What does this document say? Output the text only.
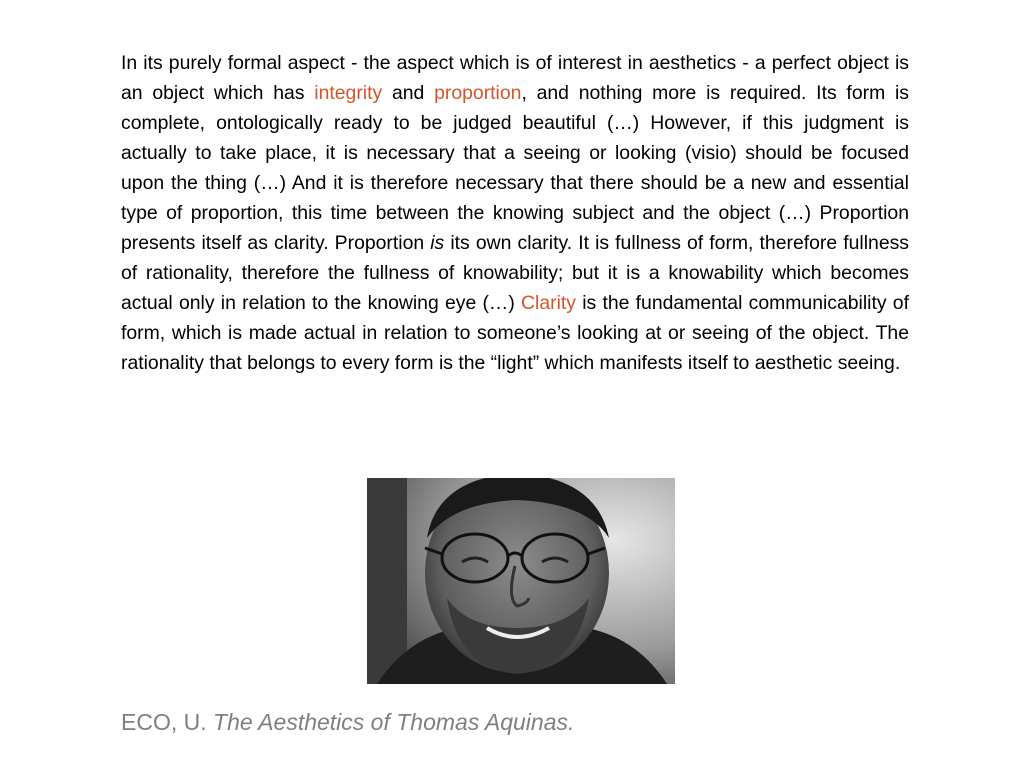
In its purely formal aspect - the aspect which is of interest in aesthetics - a perfect object is an object which has integrity and proportion, and nothing more is required. Its form is complete, ontologically ready to be judged beautiful (…) However, if this judgment is actually to take place, it is necessary that a seeing or looking (visio) should be focused upon the thing (…) And it is therefore necessary that there should be a new and essential type of proportion, this time between the knowing subject and the object (…) Proportion presents itself as clarity. Proportion is its own clarity. It is fullness of form, therefore fullness of rationality, therefore the fullness of knowability; but it is a knowability which becomes actual only in relation to the knowing eye (…) Clarity is the fundamental communicability of form, which is made actual in relation to someone’s looking at or seeing of the object. The rationality that belongs to every form is the “light” which manifests itself to aesthetic seeing.

ECO, U. The Aesthetics of Thomas Aquinas.
